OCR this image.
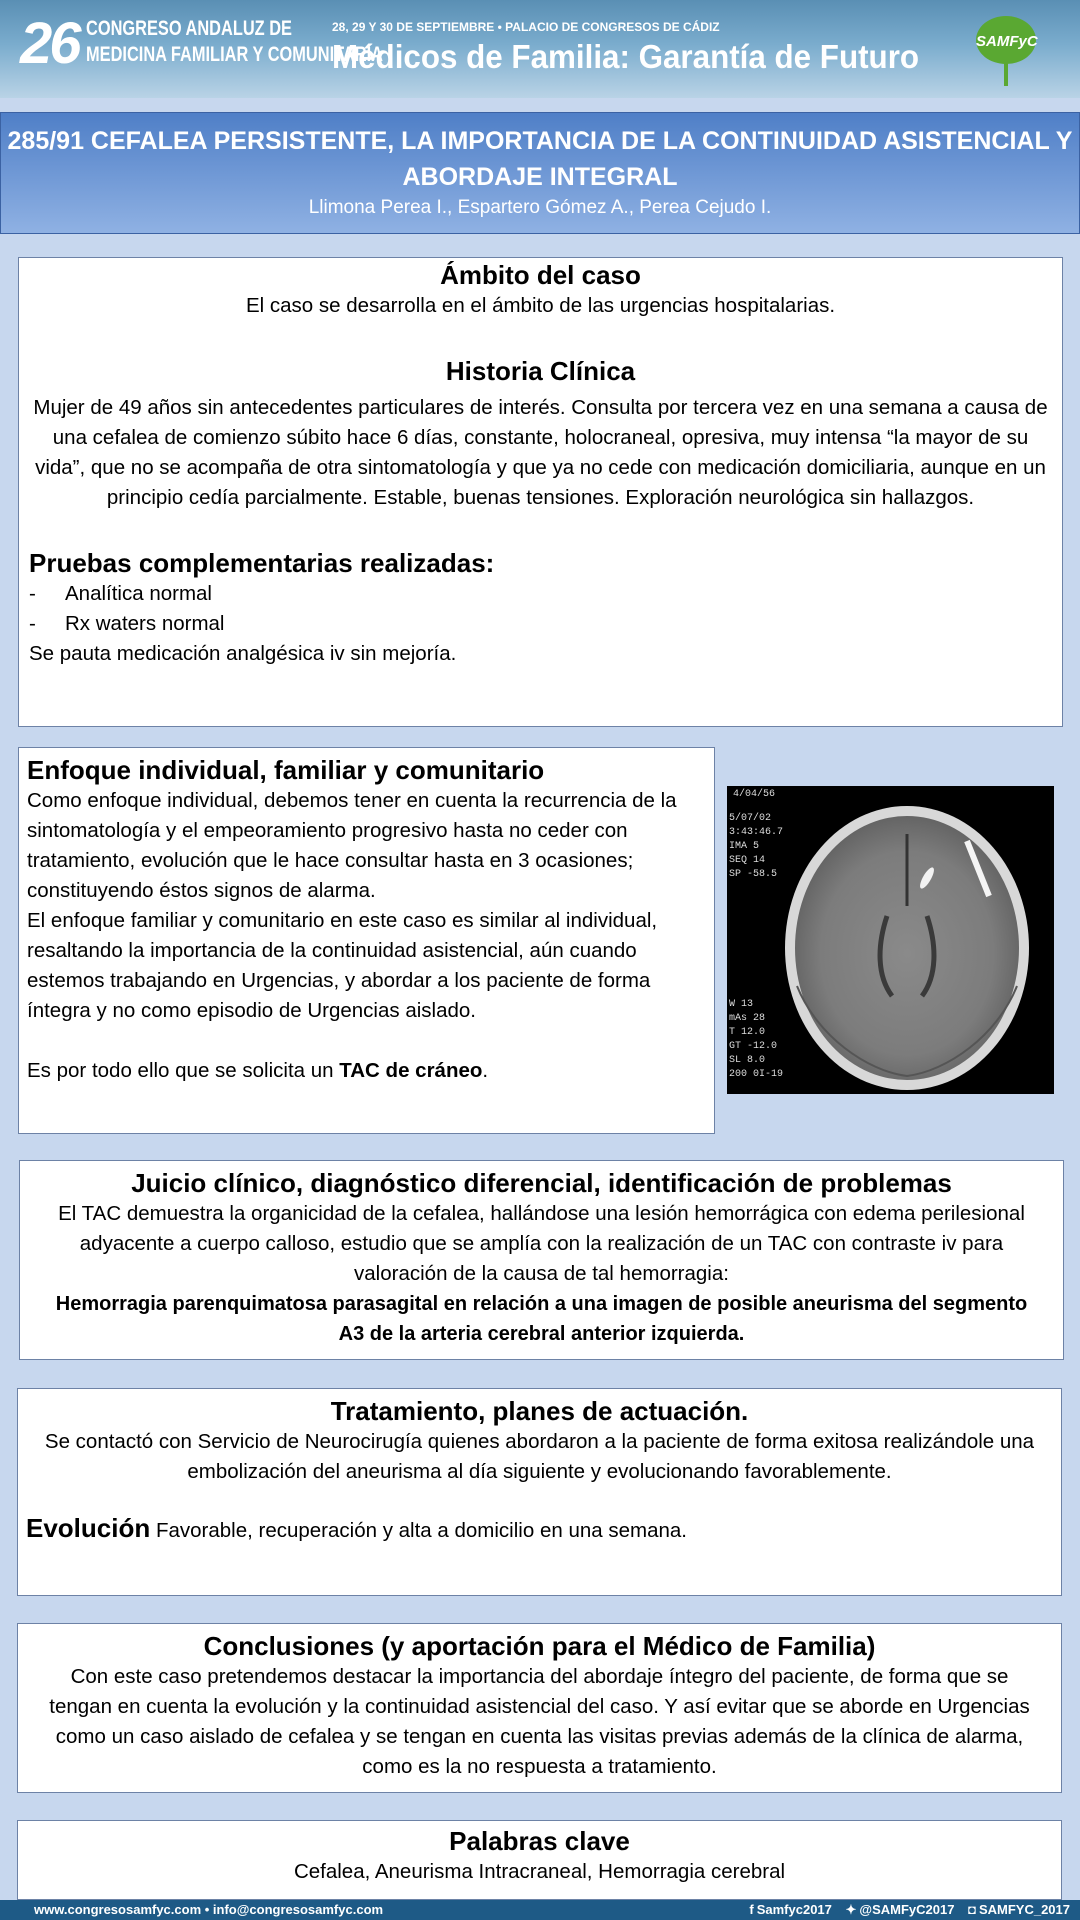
26 CONGRESO ANDALUZ DE
MEDICINA FAMILIAR Y COMUNITARIA
28, 29 Y 30 DE SEPTIEMBRE • PALACIO DE CONGRESOS DE CÁDIZ
Médicos de Familia: Garantía de Futuro	SAMFyC
285/91 CEFALEA PERSISTENTE, LA IMPORTANCIA DE LA CONTINUIDAD ASISTENCIAL Y ABORDAJE INTEGRAL
Llimona Perea I., Espartero Gómez A., Perea Cejudo I.

Ámbito del caso

El caso se desarrolla en el ámbito de las urgencias hospitalarias.

Historia Clínica

Mujer de 49 años sin antecedentes particulares de interés. Consulta por tercera vez en una semana a causa de una cefalea de comienzo súbito hace 6 días, constante, holocraneal, opresiva, muy intensa “la mayor de su vida”, que no se acompaña de otra sintomatología y que ya no cede con medicación domiciliaria, aunque en un principio cedía parcialmente. Estable, buenas tensiones. Exploración neurológica sin hallazgos.

Pruebas complementarias realizadas:

- Analítica normal
- Rx waters normal

Se pauta medicación analgésica iv sin mejoría.

Enfoque individual, familiar y comunitario

Como enfoque individual, debemos tener en cuenta la recurrencia de la sintomatología y el empeoramiento progresivo hasta no ceder con tratamiento, evolución que le hace consultar hasta en 3 ocasiones; constituyendo éstos signos de alarma.

El enfoque familiar y comunitario en este caso es similar al individual, resaltando la importancia de la continuidad asistencial, aún cuando estemos trabajando en Urgencias, y abordar a los paciente de forma íntegra y no como episodio de Urgencias aislado.

Es por todo ello que se solicita un TAC de cráneo.

4/04/56
5/07/02
3:43:46.7
IMA 5
SEQ 14
SP -58.5
W 13
mAs 28
T 12.0
GT -12.0
SL 8.0
200 0I-19

Juicio clínico, diagnóstico diferencial, identificación de problemas

El TAC demuestra la organicidad de la cefalea, hallándose una lesión hemorrágica con edema perilesional adyacente a cuerpo calloso, estudio que se amplía con la realización de un TAC con contraste iv para valoración de la causa de tal hemorragia:

Hemorragia parenquimatosa parasagital en relación a una imagen de posible aneurisma del segmento A3 de la arteria cerebral anterior izquierda.

Tratamiento, planes de actuación.

Se contactó con Servicio de Neurocirugía quienes abordaron a la paciente de forma exitosa realizándole una embolización del aneurisma al día siguiente y evolucionando favorablemente.

Evolución Favorable, recuperación y alta a domicilio en una semana.

Conclusiones (y aportación para el Médico de Familia)

Con este caso pretendemos destacar la importancia del abordaje íntegro del paciente, de forma que se tengan en cuenta la evolución y la continuidad asistencial del caso. Y así evitar que se aborde en Urgencias como un caso aislado de cefalea y se tengan en cuenta las visitas previas además de la clínica de alarma, como es la no respuesta a tratamiento.

Palabras clave

Cefalea, Aneurisma Intracraneal, Hemorragia cerebral

www.congresosamfyc.com • info@congresosamfyc.com	f Samfyc2017 ✦ @SAMFyC2017 ◘ SAMFYC_2017
